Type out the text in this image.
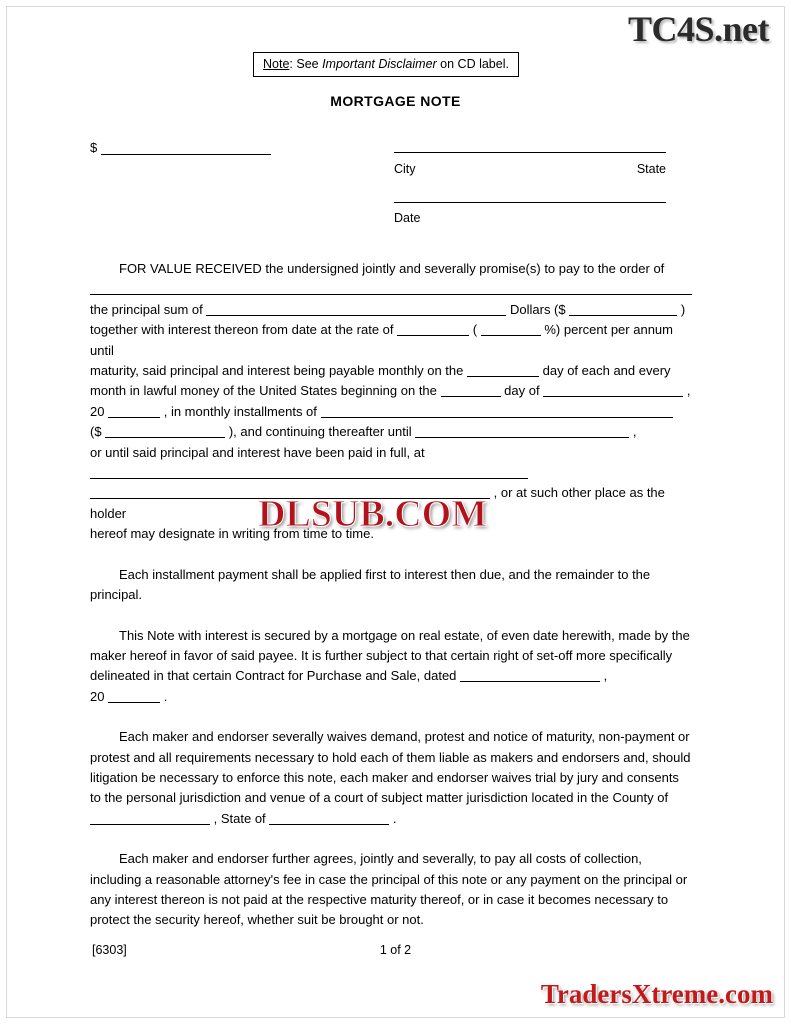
TC4S.net
Note: See Important Disclaimer on CD label.
MORTGAGE NOTE
$
City	State
Date

FOR VALUE RECEIVED the undersigned jointly and severally promise(s) to pay to the order of

the principal sum of	Dollars ($	)

together with interest thereon from date at the rate of	(	%) percent per annum until

maturity, said principal and interest being payable monthly on the	day of each and every

month in lawful money of the United States beginning on the	day of	,

20	, in monthly installments of

($	), and continuing thereafter until	,

or until said principal and interest have been paid in full, at

, or at such other place as the holder

hereof may designate in writing from time to time.

Each installment payment shall be applied first to interest then due, and the remainder to the principal.

This Note with interest is secured by a mortgage on real estate, of even date herewith, made by the maker hereof in favor of said payee. It is further subject to that certain right of set-off more specifically delineated in that certain Contract for Purchase and Sale, dated	,
20	.

Each maker and endorser severally waives demand, protest and notice of maturity, non-payment or protest and all requirements necessary to hold each of them liable as makers and endorsers and, should litigation be necessary to enforce this note, each maker and endorser waives trial by jury and consents to the personal jurisdiction and venue of a court of subject matter jurisdiction located in the County of  , State of	.

Each maker and endorser further agrees, jointly and severally, to pay all costs of collection, including a reasonable attorney's fee in case the principal of this note or any payment on the principal or any interest thereon is not paid at the respective maturity thereof, or in case it becomes necessary to protect the security hereof, whether suit be brought or not.

[6303]	1 of 2
DLSUB.COM
TradersXtreme.com
